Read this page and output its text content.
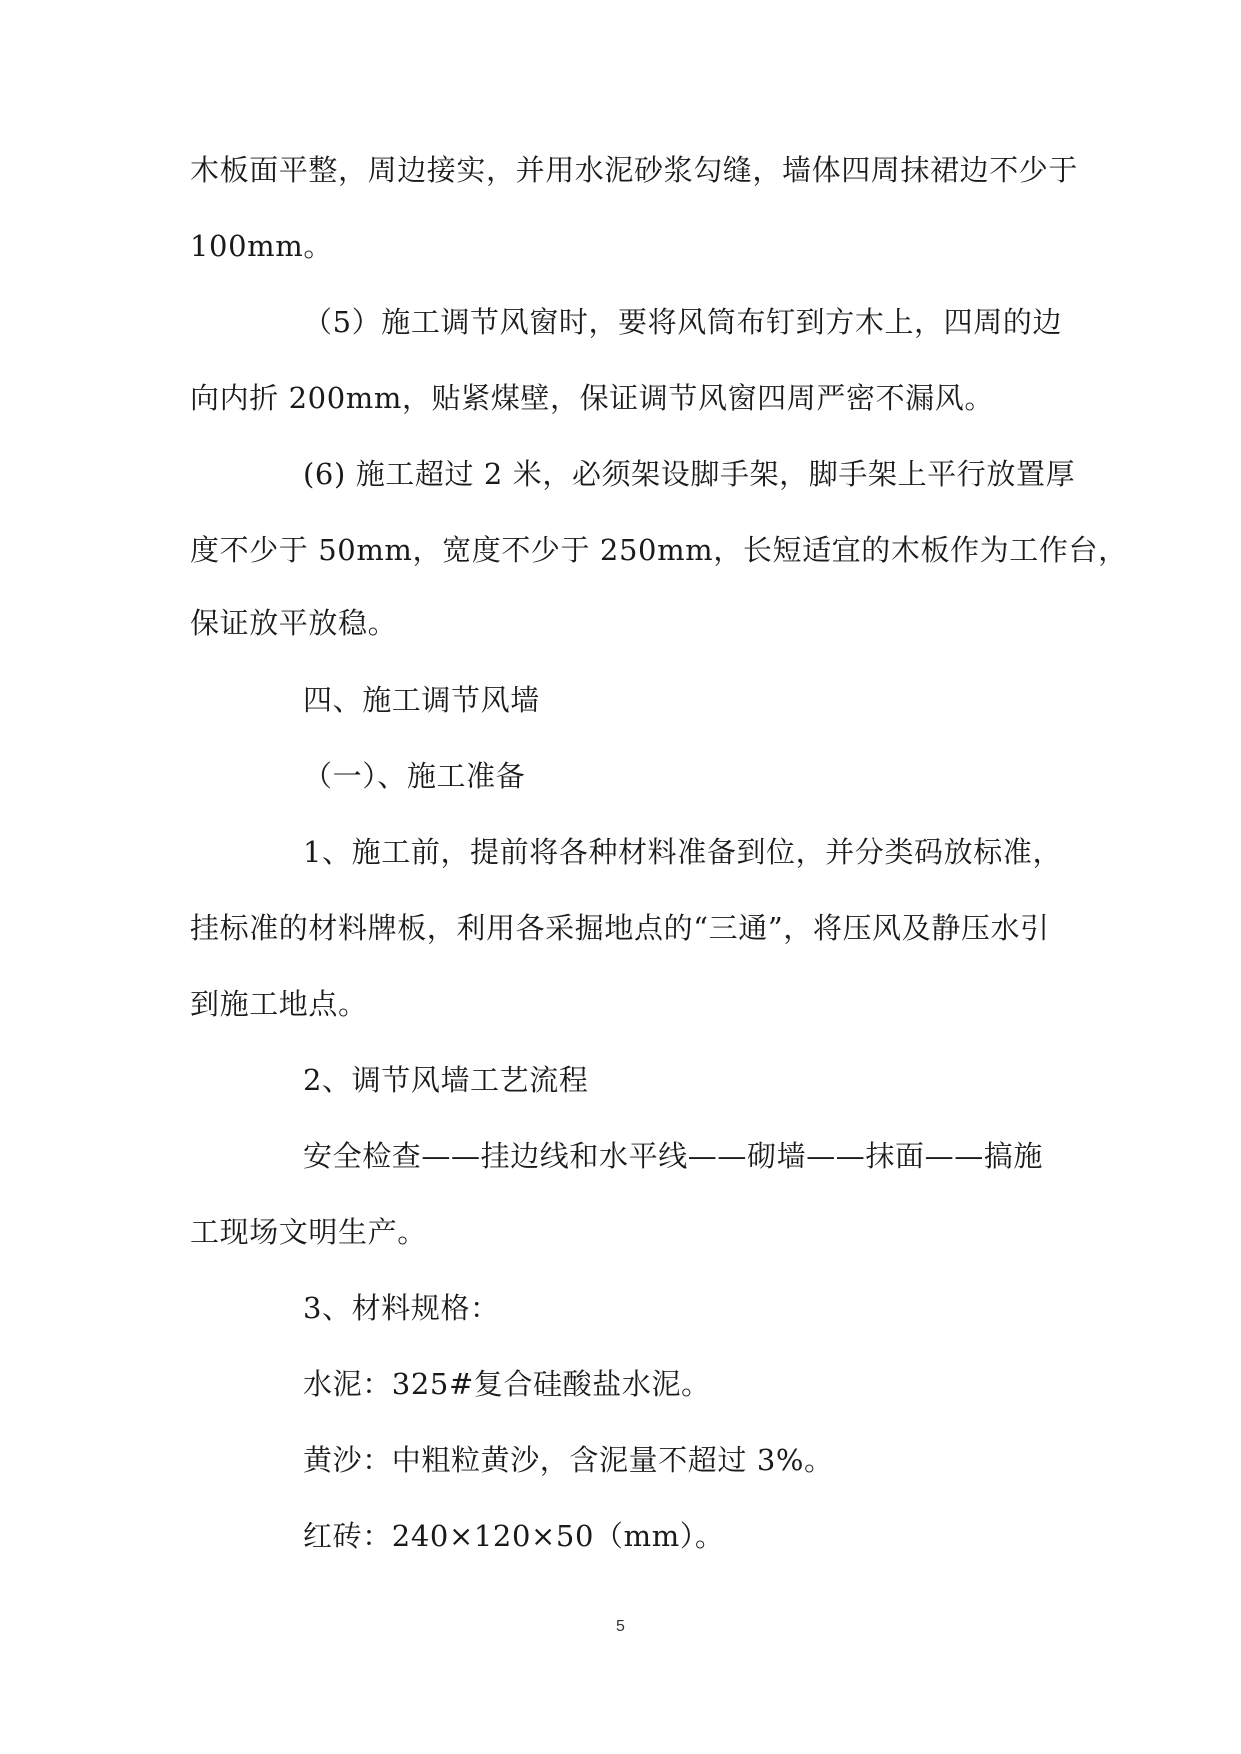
木板面平整，周边接实，并用水泥砂浆勾缝，墙体四周抹裙边不少于
100mm。
（5）施工调节风窗时，要将风筒布钉到方木上，四周的边
向内折 200mm，贴紧煤壁，保证调节风窗四周严密不漏风。
(6) 施工超过 2 米，必须架设脚手架，脚手架上平行放置厚
度不少于 50mm，宽度不少于 250mm，长短适宜的木板作为工作台，
保证放平放稳。
四、施工调节风墙
（一）、施工准备
1、施工前，提前将各种材料准备到位，并分类码放标准，
挂标准的材料牌板，利用各采掘地点的“三通”，将压风及静压水引
到施工地点。
2、调节风墙工艺流程
安全检查——挂边线和水平线——砌墙——抹面——搞施
工现场文明生产。
3、材料规格：
水泥：325#复合硅酸盐水泥。
黄沙：中粗粒黄沙，含泥量不超过 3%。
红砖：240×120×50（mm）。
5
